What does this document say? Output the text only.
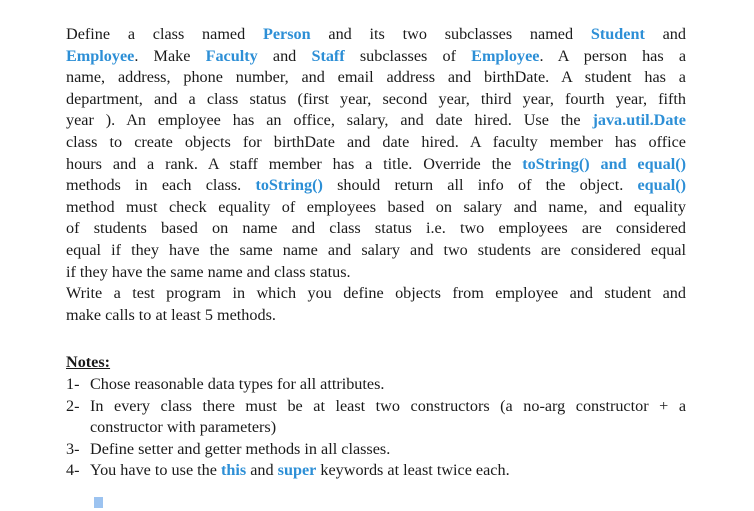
Define a class named Person and its two subclasses named Student and
Employee. Make Faculty and Staff subclasses of Employee. A person has a
name, address, phone number, and email address and birthDate. A student has a
department, and a class status (first year, second year, third year, fourth year, fifth
year ). An employee has an office, salary, and date hired. Use the java.util.Date
class to create objects for birthDate and date hired. A faculty member has office
hours and a rank. A staff member has a title. Override the toString() and equal()
methods in each class. toString() should return all info of the object. equal()
method must check equality of employees based on salary and name, and equality
of students based on name and class status i.e. two employees are considered
equal if they have the same name and salary and two students are considered equal
if they have the same name and class status.
Write a test program in which you define objects from employee and student and
make calls to at least 5 methods.
Notes:
1- Chose reasonable data types for all attributes.
2- In every class there must be at least two constructors (a no-arg constructor + a
constructor with parameters)
3- Define setter and getter methods in all classes.
4- You have to use the this and super keywords at least twice each.
